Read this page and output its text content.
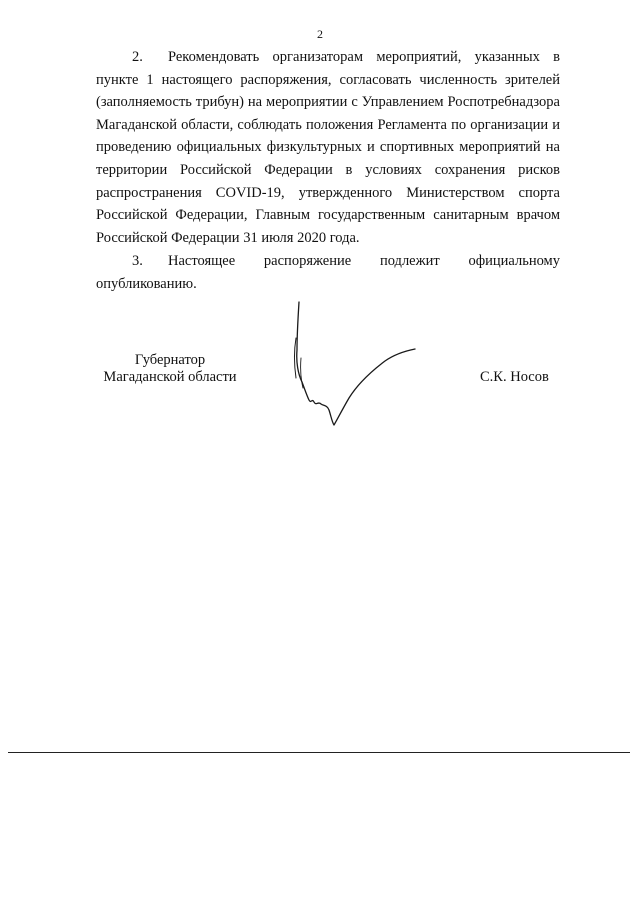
2

2. Рекомендовать организаторам мероприятий, указанных в

пункте 1 настоящего распоряжения, согласовать численность зрителей

(заполняемость трибун) на мероприятии с Управлением Роспотребнадзора

Магаданской области, соблюдать положения Регламента по организации и

проведению официальных физкультурных и спортивных мероприятий на

территории Российской Федерации в условиях сохранения рисков

распространения COVID-19, утвержденного Министерством спорта

Российской Федерации, Главным государственным санитарным врачом

Российской Федерации 31 июля 2020 года.

3. Настоящее распоряжение подлежит официальному

опубликованию.

Губернатор
Магаданской области	С.К. Носов
